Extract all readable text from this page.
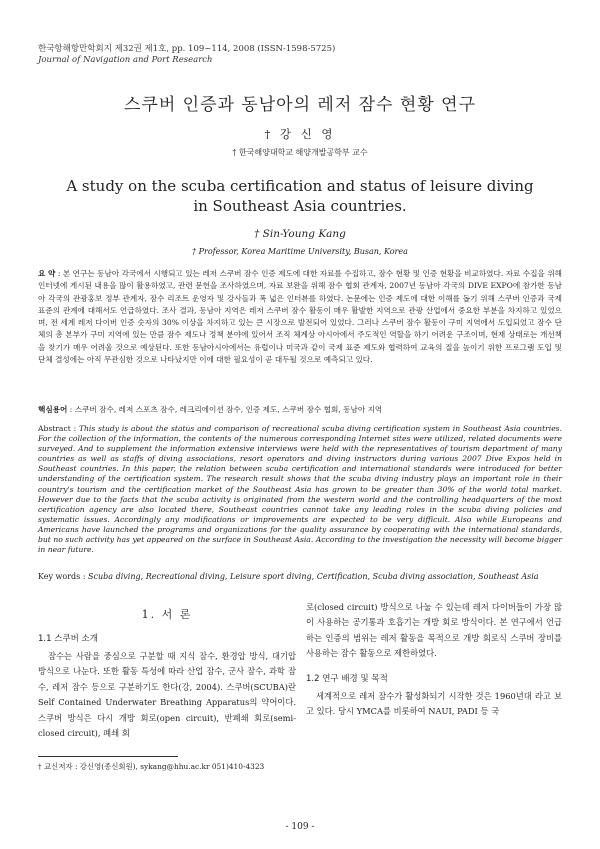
한국항해항만학회지 제32권 제1호, pp. 109~114, 2008 (ISSN-1598-5725)
Journal of Navigation and Port Research
스쿠버 인증과 동남아의 레저 잠수 현황 연구
† 강 신 영
† 한국해양대학교 해양개발공학부 교수
A study on the scuba certification and status of leisure diving in Southeast Asia countries.
† Sin-Young Kang
† Professor, Korea Maritime University, Busan, Korea
요 약 : 본 연구는 동남아 각국에서 시행되고 있는 레저 스쿠버 잠수 인증 제도에 대한 자료를 수집하고, 잠수 현황 및 인증 현황을 비교하였다. 자료 수집을 위해 인터넷에 게시된 내용을 많이 활용하였고, 관련 문헌을 조사하였으며, 자료 보완을 위해 잠수 협회 관계자, 2007년 동남아 각국의 DIVE EXPO에 참가한 동남아 각국의 관광홍보 정부 관계자, 잠수 리조트 운영자 및 강사들과 폭 넓은 인터뷰를 하였다. 논문에는 인증 제도에 대한 이해를 돕기 위해 스쿠버 인증과 국제 표준의 관계에 대해서도 언급하였다. 조사 결과, 동남아 지역은 레저 스쿠버 잠수 활동이 매우 활발한 지역으로 관광 산업에서 중요한 부분을 차지하고 있었으며, 전 세계 레저 다이버 인증 숫자의 30% 이상을 차지하고 있는 큰 시장으로 발전되어 있었다. 그러나 스쿠버 잠수 활동이 구미 지역에서 도입되었고 잠수 단체의 총 본부가 구미 지역에 있는 만큼 잠수 제도나 정책 분야에 있어서 조직 체계상 아시아에서 주도적인 역할을 하기 어려운 구조이며, 현재 상태로는 개선책을 찾기가 매우 어려울 것으로 예상된다. 또한 동남아시아에서는 유럽이나 미국과 같이 국제 표준 제도와 협력하여 교육의 질을 높이기 위한 프로그램 도입 및 단체 결성에는 아직 무관심한 것으로 나타났지만 이에 대한 필요성이 곧 대두될 것으로 예측되고 있다.
핵심용어 : 스쿠버 잠수, 레저 스포츠 잠수, 레크리에이션 잠수, 인증 제도, 스쿠버 잠수 협회, 동남아 지역
Abstract : This study is about the status and comparison of recreational scuba diving certification system in Southeast Asia countries. For the collection of the information, the contents of the numerous corresponding Internet sites were utilized, related documents were surveyed. And to supplement the information extensive interviews were held with the representatives of tourism department of many countries as well as staffs of diving associations, resort operators and diving instructors during various 2007 Dive Expos held in Southeast countries. In this paper, the relation between scuba certification and international standards were introduced for better understanding of the certification system. The research result shows that the scuba diving industry plays an important role in their country's tourism and the certification market of the Southeast Asia has grown to be greater than 30% of the world total market. However due to the facts that the scuba activity is originated from the western world and the controlling headquarters of the most certification agency are also located there, Southeast countries cannot take any leading roles in the scuba diving policies and systematic issues. Accordingly any modifications or improvements are expected to be very difficult. Also while Europeans and Americans have launched the programs and organizations for the quality assurance by cooperating with the international standards, but no such activity has yet appeared on the surface in Southeast Asia. According to the investigation the necessity will become bigger in near future.
Key words : Scuba diving, Recreational diving, Leisure sport diving, Certification, Scuba diving association, Southeast Asia
1. 서 론
1.1 스쿠버 소개

잠수는 사람을 중심으로 구분할 때 지식 잠수, 환경압 방식, 대기압 방식으로 나눈다. 또한 활동 특성에 따라 산업 잠수, 군사 잠수, 과학 잠수, 레저 잠수 등으로 구분하기도 한다(강, 2004). 스쿠버(SCUBA)란 Self Contained Underwater Breathing Apparatus의 약어이다. 스쿠버 방식은 다시 개방 회로(open circuit), 반폐쇄 회로(semi-closed circuit), 폐쇄 회

로(closed circuit) 방식으로 나눌 수 있는데 레저 다이버들이 가장 많이 사용하는 공기통과 호흡기는 개방 회로 방식이다. 본 연구에서 언급하는 인증의 범위는 레저 활동을 목적으로 개방 회로식 스쿠버 장비를 사용하는 잠수 활동으로 제한하였다.

1.2 연구 배경 및 목적

세계적으로 레저 잠수가 활성화되기 시작한 것은 1960년대 라고 보고 있다. 당시 YMCA를 비롯하여 NAUI, PADI 등 국

† 교신저자 : 강신영(종신회원), sykang@hhu.ac.kr 051)410-4323
- 109 -
